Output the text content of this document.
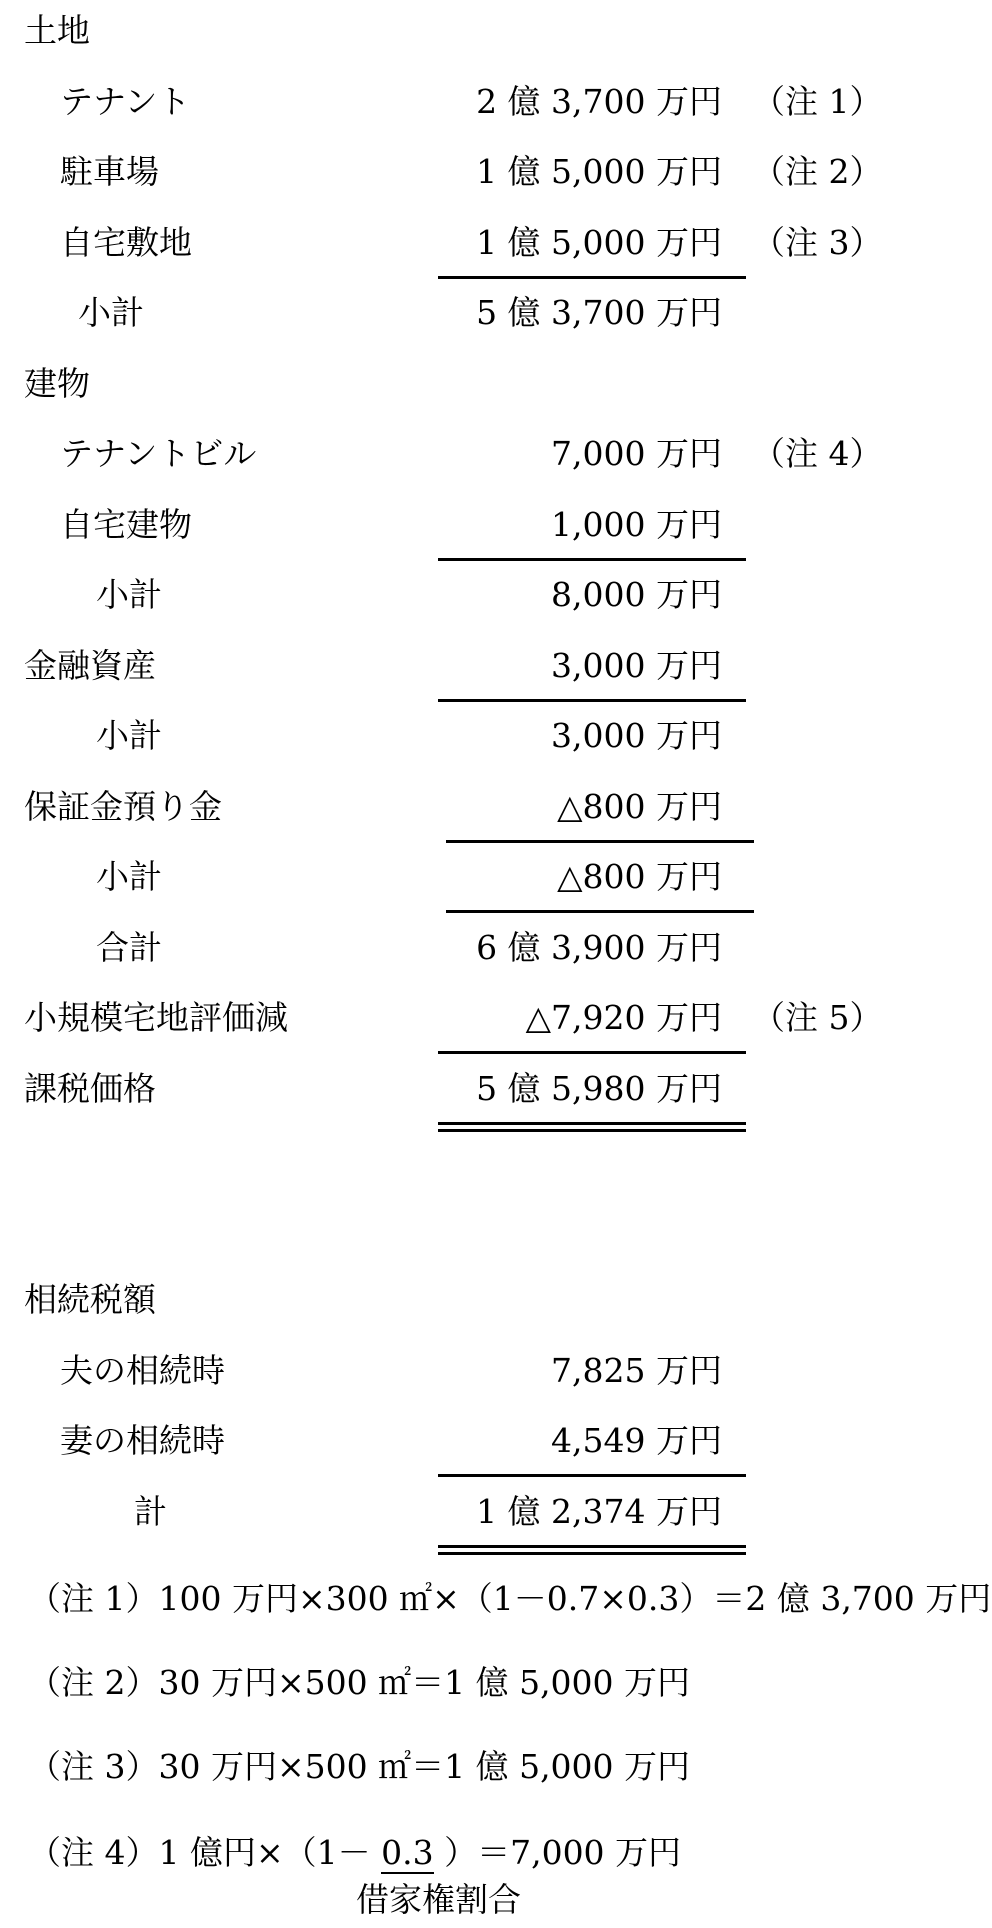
土地
テナント	2 億 3,700 万円 （注 1）
駐車場	1 億 5,000 万円 （注 2）
自宅敷地	1 億 5,000 万円 （注 3）
小計	5 億 3,700 万円
建物
テナントビル	7,000 万円 （注 4）
自宅建物	1,000 万円
小計	8,000 万円
金融資産	3,000 万円
小計	3,000 万円
保証金預り金	△800 万円
小計	△800 万円
合計	6 億 3,900 万円
小規模宅地評価減	△7,920 万円 （注 5）
課税価格	5 億 5,980 万円
相続税額
夫の相続時	7,825 万円
妻の相続時	4,549 万円
計	1 億 2,374 万円
（注 1）100 万円×300 ㎡×（1－0.7×0.3）＝2 億 3,700 万円
（注 2）30 万円×500 ㎡＝1 億 5,000 万円
（注 3）30 万円×500 ㎡＝1 億 5,000 万円
（注 4）1 億円×（1－ 0.3 ）＝7,000 万円
借家権割合
